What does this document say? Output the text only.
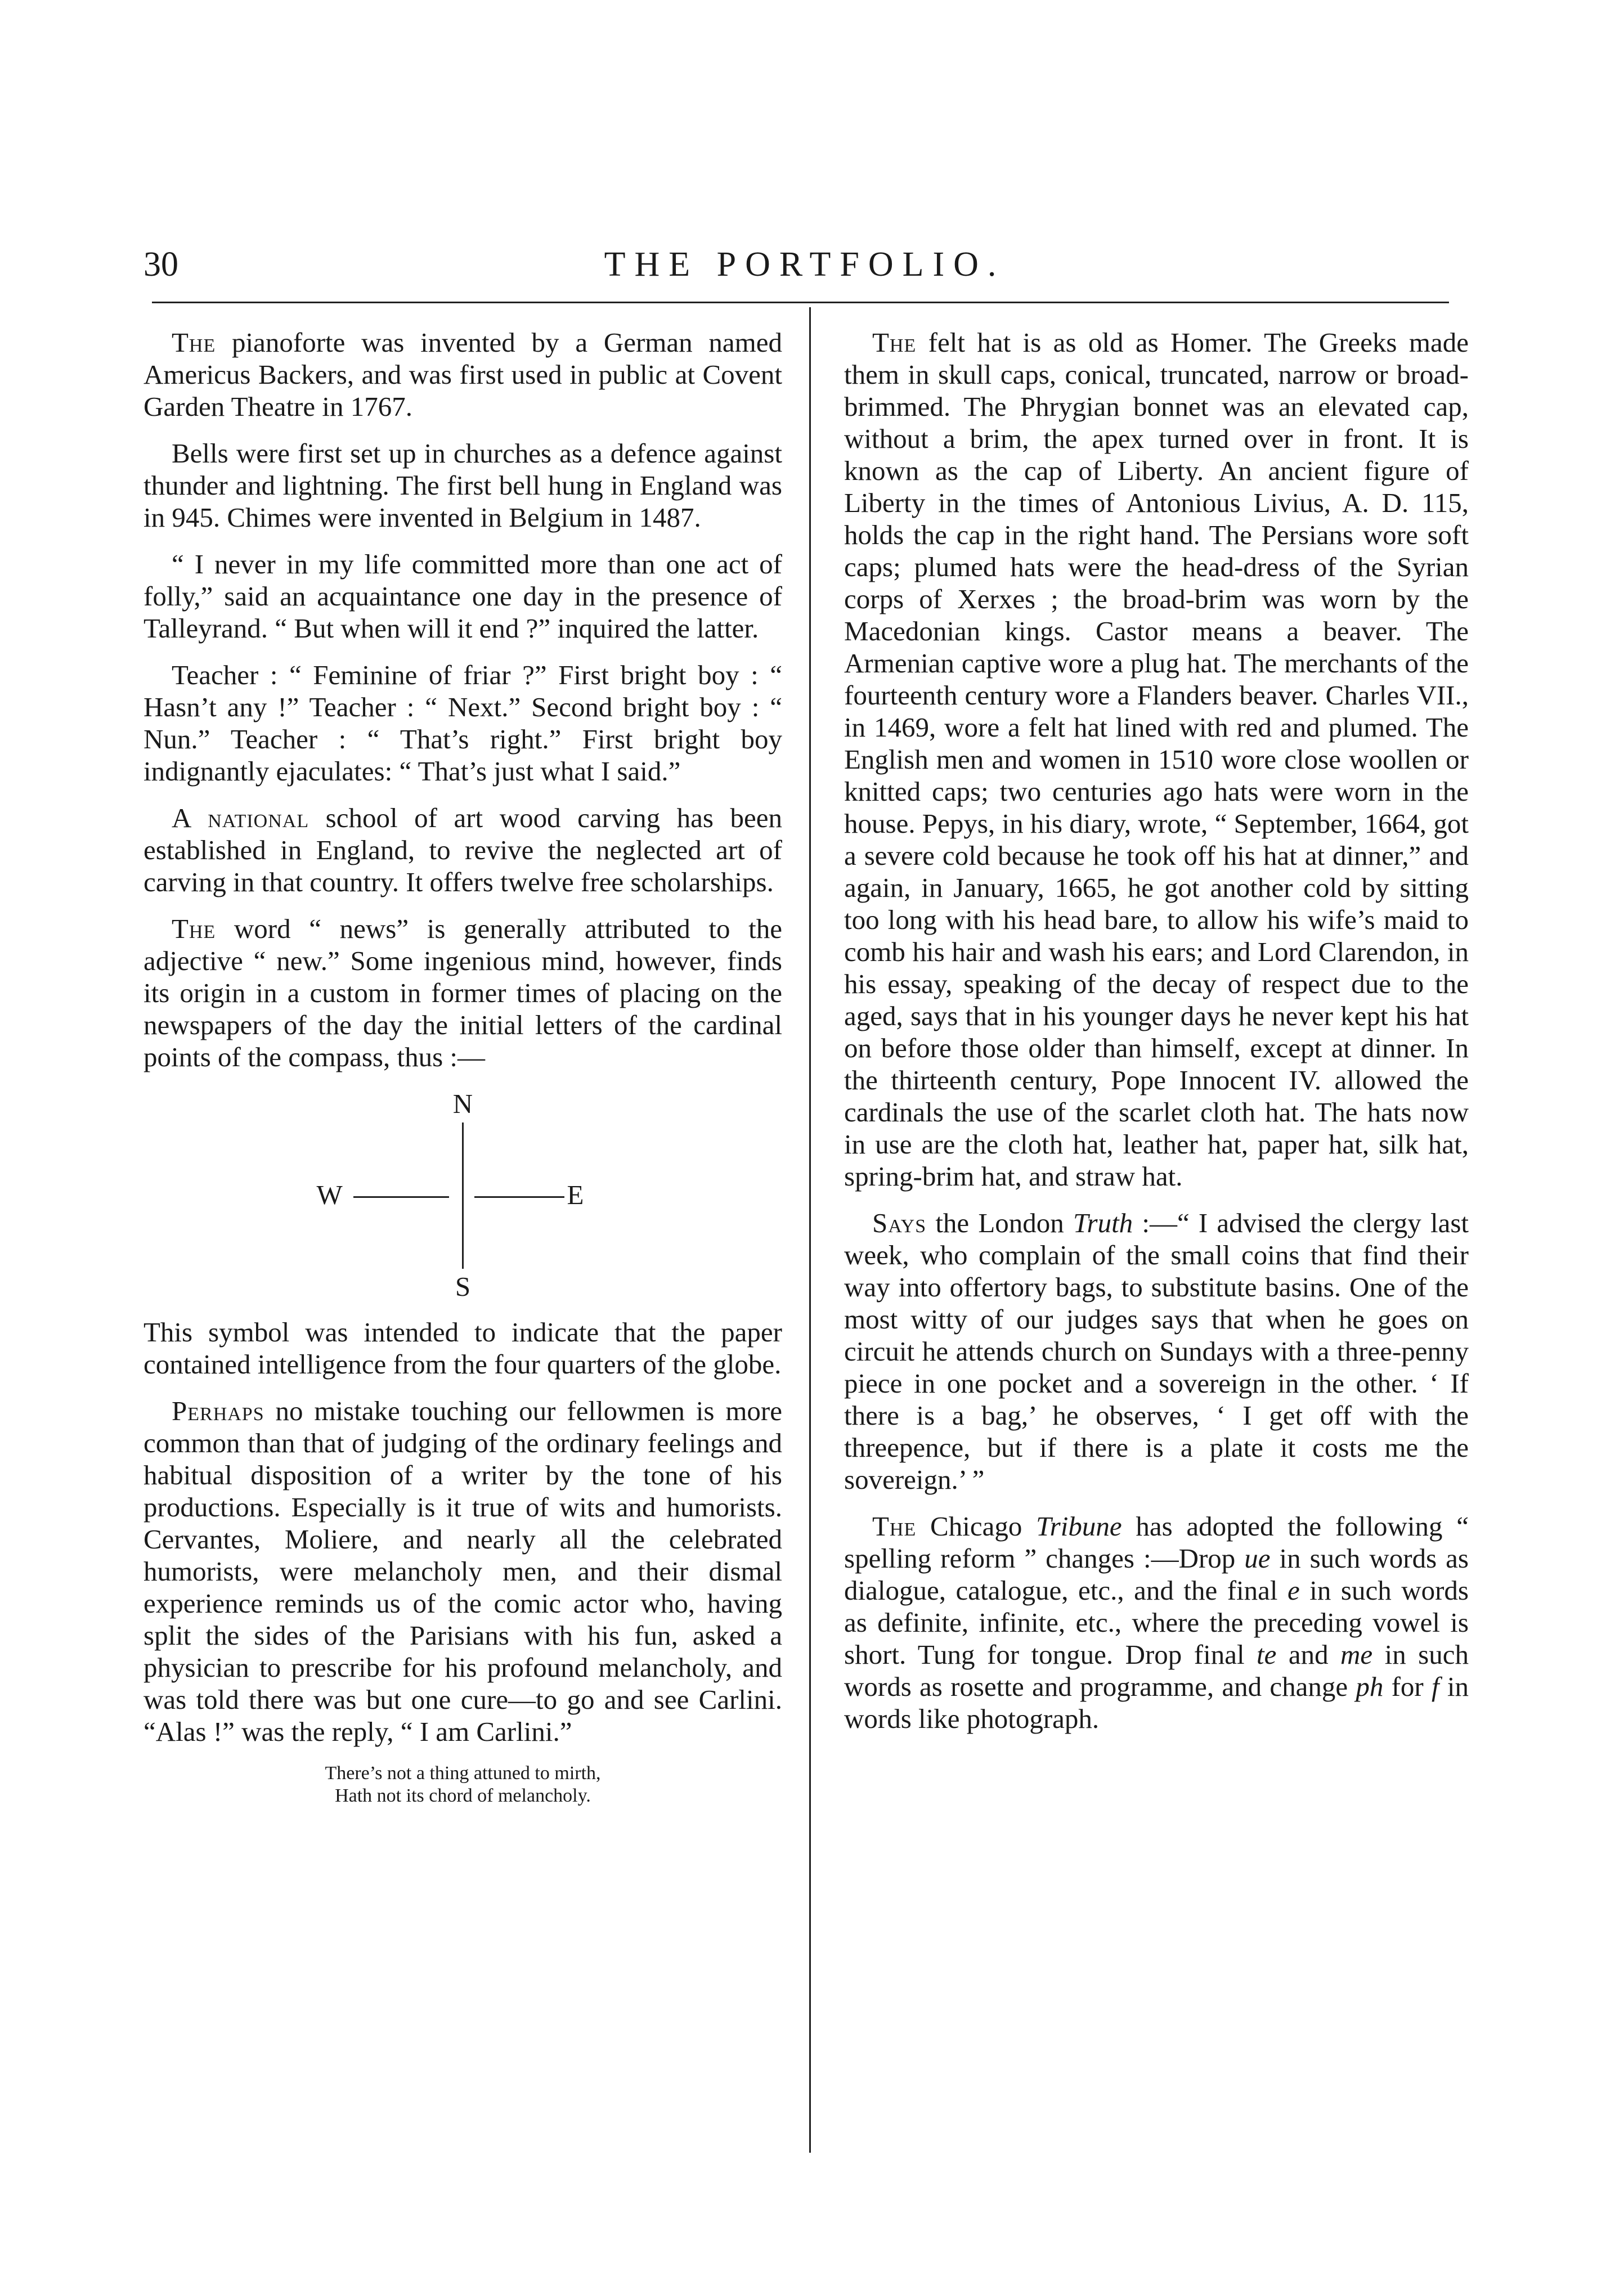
30	THE PORTFOLIO.

The pianoforte was invented by a German named Americus Backers, and was first used in public at Covent Garden Theatre in 1767.

Bells were first set up in churches as a defence against thunder and lightning. The first bell hung in England was in 945. Chimes were invented in Belgium in 1487.

“ I never in my life committed more than one act of folly,” said an acquaintance one day in the presence of Talleyrand. “ But when will it end ?” inquired the latter.

Teacher : “ Feminine of friar ?” First bright boy : “ Hasn’t any !” Teacher : “ Next.” Second bright boy : “ Nun.” Teacher : “ That’s right.” First bright boy indignantly ejaculates: “ That’s just what I said.”

A national school of art wood carving has been established in England, to revive the neglected art of carving in that country. It offers twelve free scholarships.

The word “ news” is generally attributed to the adjective “ new.” Some ingenious mind, however, finds its origin in a custom in former times of placing on the newspapers of the day the initial letters of the cardinal points of the compass, thus :—

N
W	E
S

This symbol was intended to indicate that the paper contained intelligence from the four quarters of the globe.

Perhaps no mistake touching our fellowmen is more common than that of judging of the ordinary feelings and habitual disposition of a writer by the tone of his productions. Especially is it true of wits and humorists. Cervantes, Moliere, and nearly all the celebrated humorists, were melancholy men, and their dismal experience reminds us of the comic actor who, having split the sides of the Parisians with his fun, asked a physician to prescribe for his profound melancholy, and was told there was but one cure—to go and see Carlini. “Alas !” was the reply, “ I am Carlini.”

There’s not a thing attuned to mirth,
Hath not its chord of melancholy.

The felt hat is as old as Homer. The Greeks made them in skull caps, conical, truncated, narrow or broad-brimmed. The Phrygian bonnet was an elevated cap, without a brim, the apex turned over in front. It is known as the cap of Liberty. An ancient figure of Liberty in the times of Antonious Livius, A. D. 115, holds the cap in the right hand. The Persians wore soft caps; plumed hats were the head-dress of the Syrian corps of Xerxes ; the broad-brim was worn by the Macedonian kings. Castor means a beaver. The Armenian captive wore a plug hat. The merchants of the fourteenth century wore a Flanders beaver. Charles VII., in 1469, wore a felt hat lined with red and plumed. The English men and women in 1510 wore close woollen or knitted caps; two centuries ago hats were worn in the house. Pepys, in his diary, wrote, “ September, 1664, got a severe cold because he took off his hat at dinner,” and again, in January, 1665, he got another cold by sitting too long with his head bare, to allow his wife’s maid to comb his hair and wash his ears; and Lord Clarendon, in his essay, speaking of the decay of respect due to the aged, says that in his younger days he never kept his hat on before those older than himself, except at dinner. In the thirteenth century, Pope Innocent IV. allowed the cardinals the use of the scarlet cloth hat. The hats now in use are the cloth hat, leather hat, paper hat, silk hat, spring-brim hat, and straw hat.

Says the London Truth :—“ I advised the clergy last week, who complain of the small coins that find their way into offertory bags, to substitute basins. One of the most witty of our judges says that when he goes on circuit he attends church on Sundays with a three-penny piece in one pocket and a sovereign in the other. ‘ If there is a bag,’ he observes, ‘ I get off with the threepence, but if there is a plate it costs me the sovereign.’ ”

The Chicago Tribune has adopted the following “ spelling reform ” changes :—Drop ue in such words as dialogue, catalogue, etc., and the final e in such words as definite, infinite, etc., where the preceding vowel is short. Tung for tongue. Drop final te and me in such words as rosette and programme, and change ph for f in words like photograph.
